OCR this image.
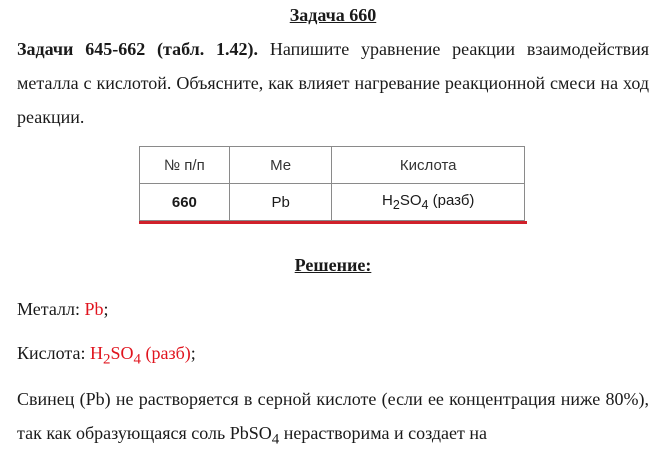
Задача 660
Задачи 645-662 (табл. 1.42). Напишите уравнение реакции взаимодействия металла с кислотой. Объясните, как влияет нагревание реакционной смеси на ход реакции.
№ п/п	Ме	Кислота
660	Pb	$H_2SO_4$ (разб)
Решение:
Металл: Pb;
Кислота: $H_2SO_4$ (разб);
Свинец (Pb) не растворяется в серной кислоте (если ее концентрация ниже 80%), так как образующаяся соль PbSO$_4$ нерастворима и создает на
